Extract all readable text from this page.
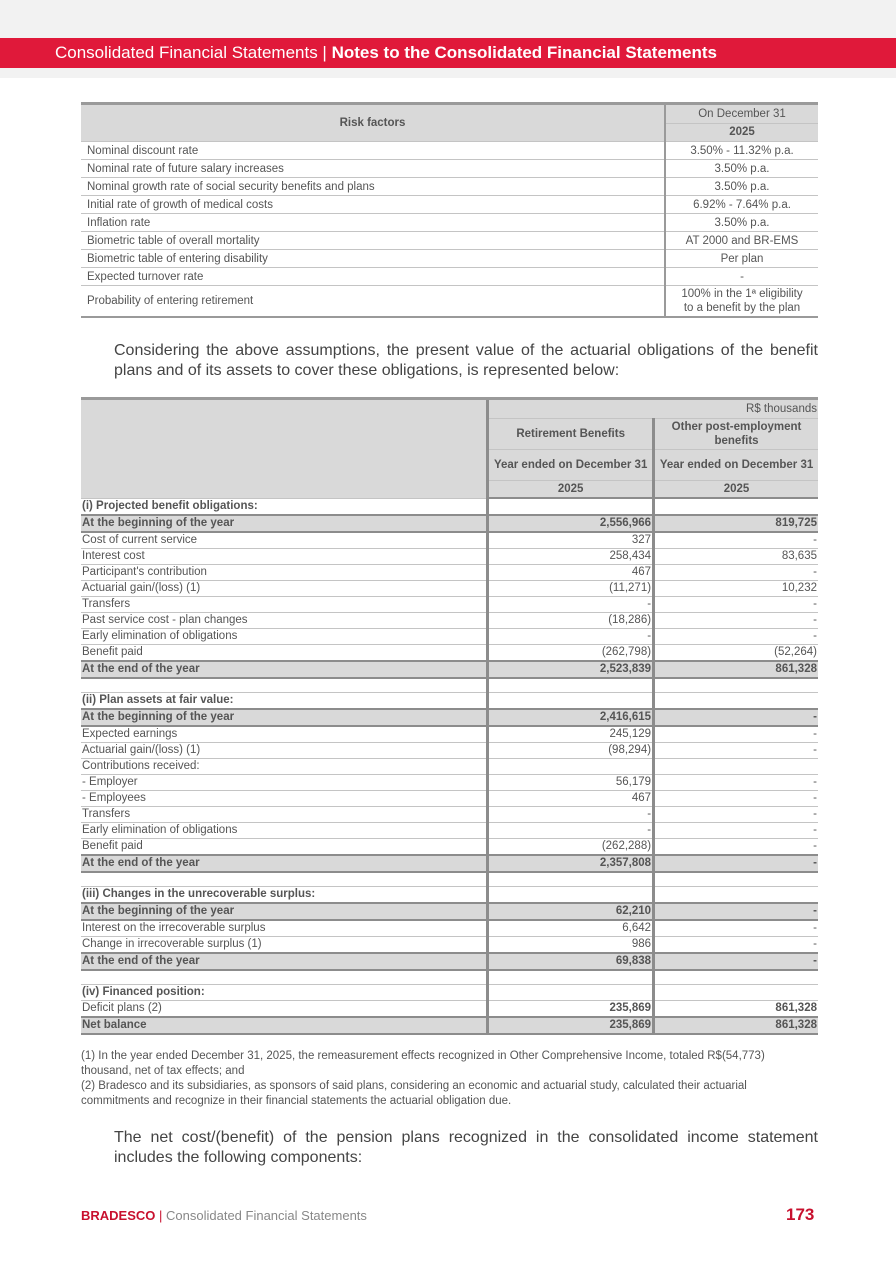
Consolidated Financial Statements | Notes to the Consolidated Financial Statements
Risk factors	On December 31
	2025
Nominal discount rate	3.50% - 11.32% p.a.
Nominal rate of future salary increases	3.50% p.a.
Nominal growth rate of social security benefits and plans	3.50% p.a.
Initial rate of growth of medical costs	6.92% - 7.64% p.a.
Inflation rate	3.50% p.a.
Biometric table of overall mortality	AT 2000 and BR-EMS
Biometric table of entering disability	Per plan
Expected turnover rate	-
Probability of entering retirement	100% in the 1ª eligibility
to a benefit by the plan
Considering the above assumptions, the present value of the actuarial obligations of the benefit plans and of its assets to cover these obligations, is represented below:
	R$ thousands	
	Retirement Benefits	Other post-employment benefits
	Year ended on December 31	Year ended on December 31
	2025	2025
(i) Projected benefit obligations:		
At the beginning of the year	2,556,966	819,725
Cost of current service	327	-
Interest cost	258,434	83,635
Participant's contribution	467	-
Actuarial gain/(loss) (1)	(11,271)	10,232
Transfers	-	-
Past service cost - plan changes	(18,286)	-
Early elimination of obligations	-	-
Benefit paid	(262,798)	(52,264)
At the end of the year	2,523,839	861,328

(ii) Plan assets at fair value:		
At the beginning of the year	2,416,615	-
Expected earnings	245,129	-
Actuarial gain/(loss) (1)	(98,294)	-
Contributions received:		
- Employer	56,179	-
- Employees	467	-
Transfers	-	-
Early elimination of obligations	-	-
Benefit paid	(262,288)	-
At the end of the year	2,357,808	-

(iii) Changes in the unrecoverable surplus:		
At the beginning of the year	62,210	-
Interest on the irrecoverable surplus	6,642	-
Change in irrecoverable surplus (1)	986	-
At the end of the year	69,838	-

(iv) Financed position:		
Deficit plans (2)	235,869	861,328
Net balance	235,869	861,328
(1) In the year ended December 31, 2025, the remeasurement effects recognized in Other Comprehensive Income, totaled R$(54,773) thousand, net of tax effects; and
(2) Bradesco and its subsidiaries, as sponsors of said plans, considering an economic and actuarial study, calculated their actuarial commitments and recognize in their financial statements the actuarial obligation due.
The net cost/(benefit) of the pension plans recognized in the consolidated income statement includes the following components:
BRADESCO | Consolidated Financial Statements	173
